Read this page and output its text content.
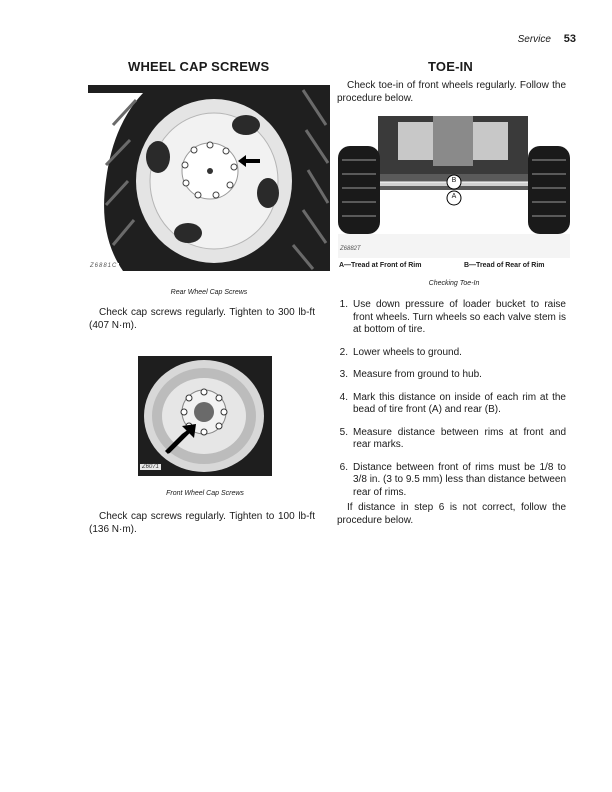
Service 53
WHEEL CAP SCREWS	TOE-IN
Z6881C
Rear Wheel Cap Screws

Check cap screws regularly. Tighten to 300 lb-ft (407 N·m).

Z6071
Front Wheel Cap Screws

Check cap screws regularly. Tighten to 100 lb-ft (136 N·m).

Check toe-in of front wheels regularly. Follow the procedure below.

B
A
Z6882T
A—Tread at Front of Rim	B—Tread of Rear of Rim
Checking Toe-In
1. Use down pressure of loader bucket to raise front wheels. Turn wheels so each valve stem is at bottom of tire.
2. Lower wheels to ground.
3. Measure from ground to hub.
4. Mark this distance on inside of each rim at the bead of tire front (A) and rear (B).
5. Measure distance between rims at front and rear marks.
6. Distance between front of rims must be 1/8 to 3/8 in. (3 to 9.5 mm) less than distance between rear of rims.

If distance in step 6 is not correct, follow the procedure below.
